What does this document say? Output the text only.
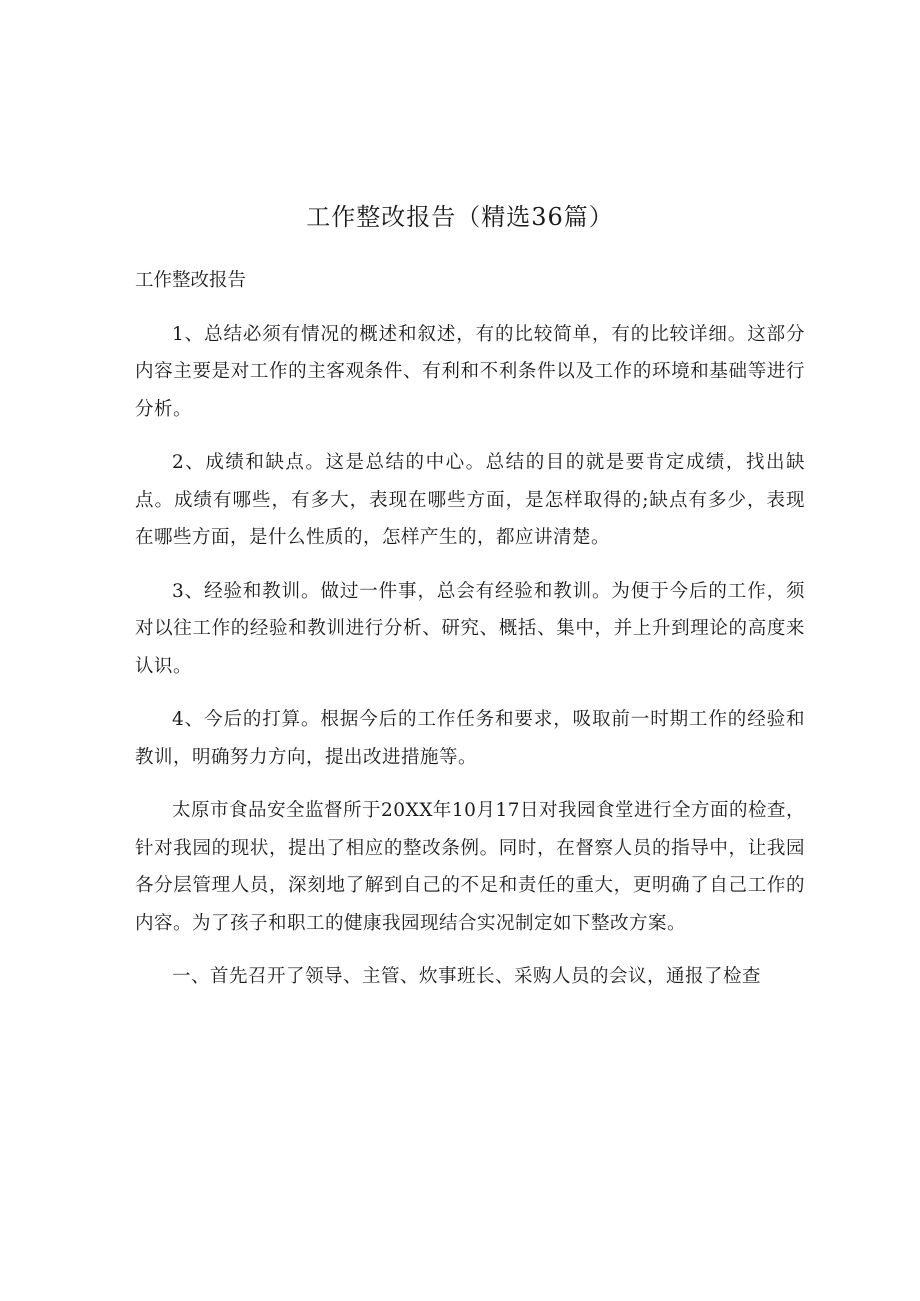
工作整改报告（精选36篇）

工作整改报告

1、总结必须有情况的概述和叙述，有的比较简单，有的比较详细。这部分内容主要是对工作的主客观条件、有利和不利条件以及工作的环境和基础等进行分析。

2、成绩和缺点。这是总结的中心。总结的目的就是要肯定成绩，找出缺点。成绩有哪些，有多大，表现在哪些方面，是怎样取得的;缺点有多少，表现在哪些方面，是什么性质的，怎样产生的，都应讲清楚。

3、经验和教训。做过一件事，总会有经验和教训。为便于今后的工作，须对以往工作的经验和教训进行分析、研究、概括、集中，并上升到理论的高度来认识。

4、今后的打算。根据今后的工作任务和要求，吸取前一时期工作的经验和教训，明确努力方向，提出改进措施等。

太原市食品安全监督所于20XX年10月17日对我园食堂进行全方面的检查，针对我园的现状，提出了相应的整改条例。同时，在督察人员的指导中，让我园各分层管理人员，深刻地了解到自己的不足和责任的重大，更明确了自己工作的内容。为了孩子和职工的健康我园现结合实况制定如下整改方案。

一、首先召开了领导、主管、炊事班长、采购人员的会议，通报了检查
